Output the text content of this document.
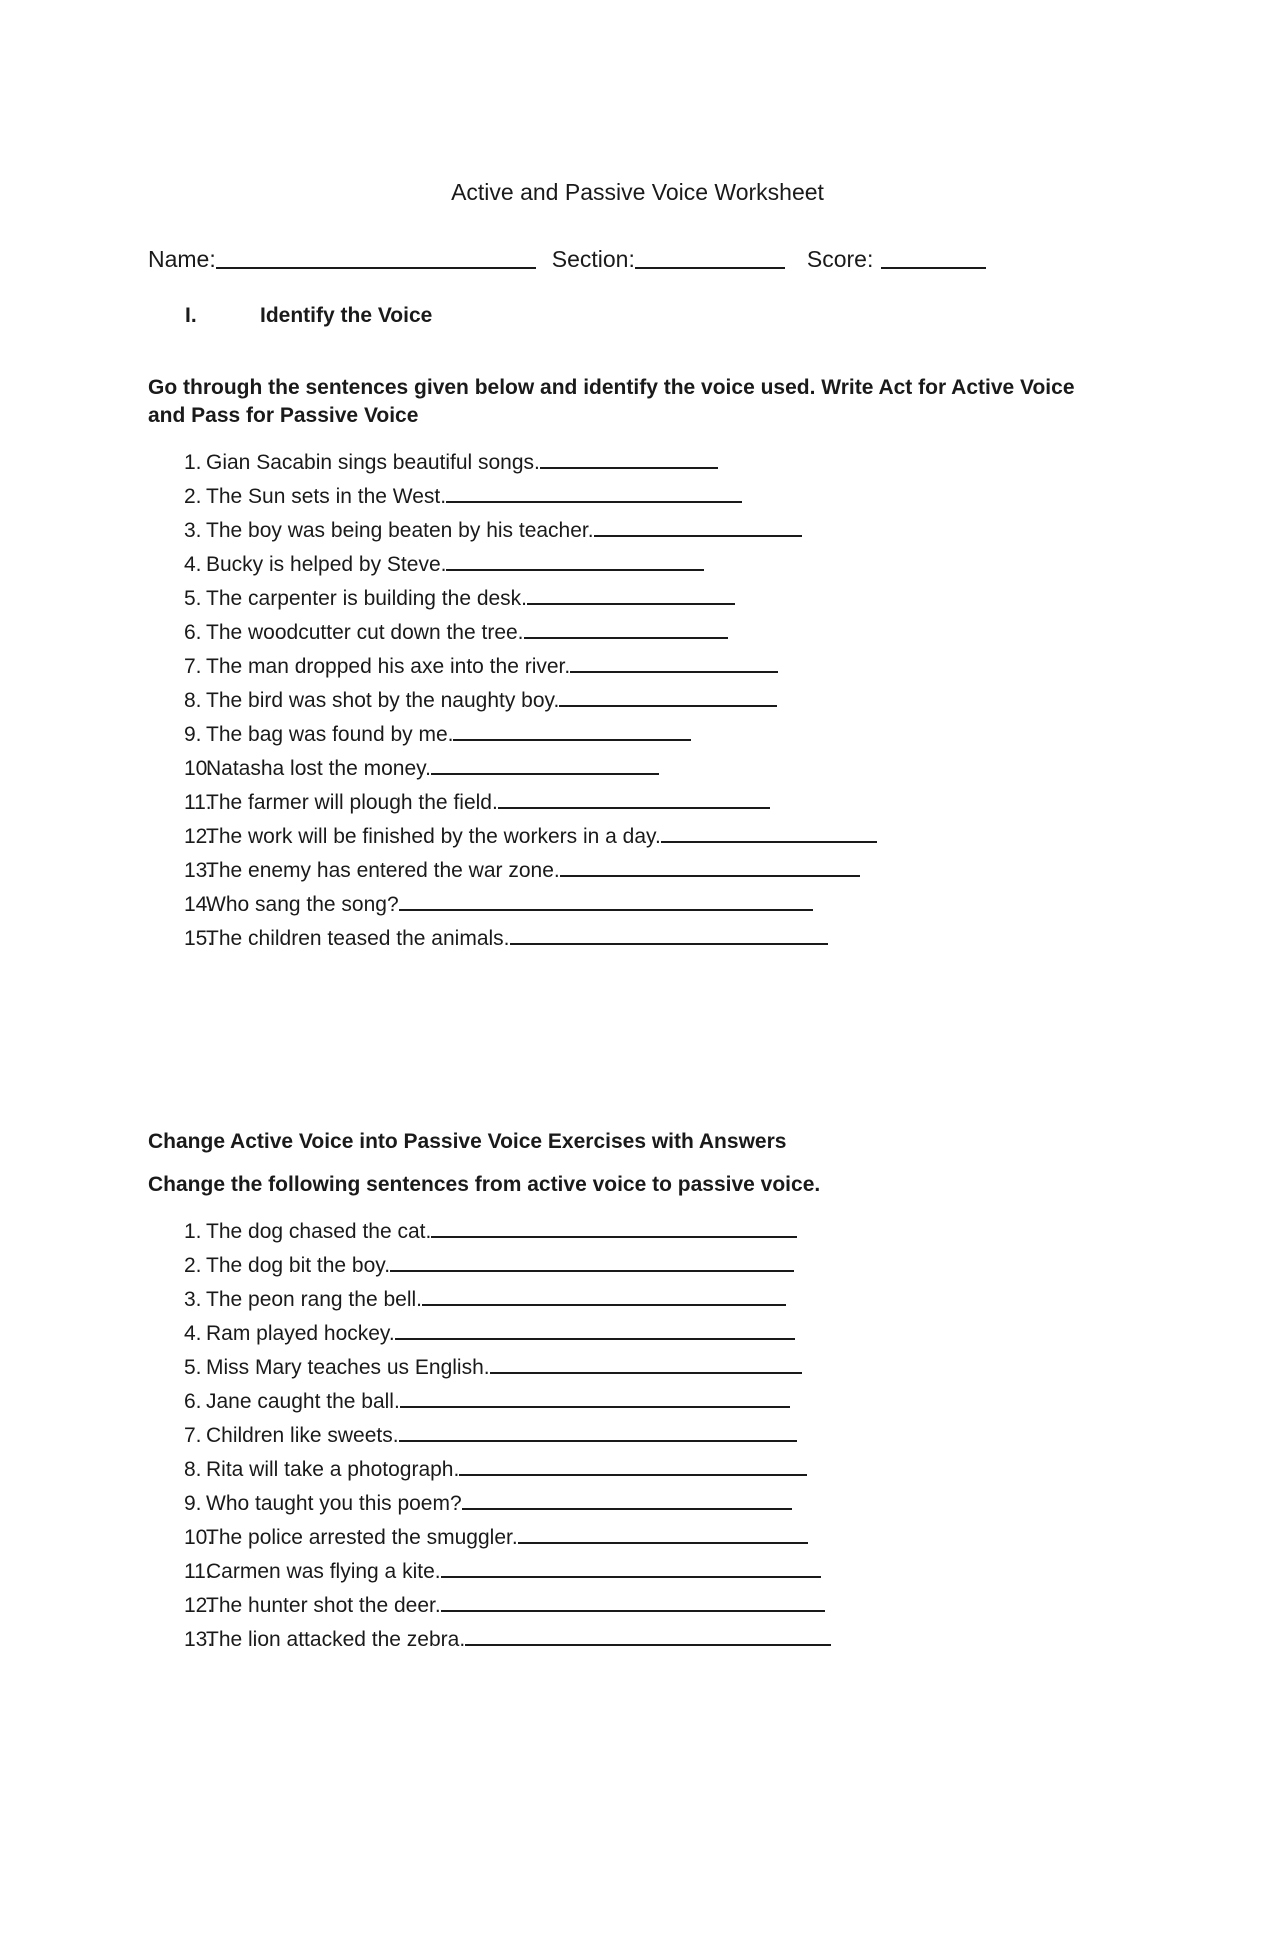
Active and Passive Voice Worksheet
Name:	Section:	Score:
I.	Identify the Voice
Go through the sentences given below and identify the voice used. Write Act for Active Voice and Pass for Passive Voice
1. Gian Sacabin sings beautiful songs.
2. The Sun sets in the West.
3. The boy was being beaten by his teacher.
4. Bucky is helped by Steve.
5. The carpenter is building the desk.
6. The woodcutter cut down the tree.
7. The man dropped his axe into the river.
8. The bird was shot by the naughty boy.
9. The bag was found by me.
10.
Natasha lost the money.
11.
The farmer will plough the field.
12.
The work will be finished by the workers in a day.
13.
The enemy has entered the war zone.
14.
Who sang the song?
15.
The children teased the animals.
Change Active Voice into Passive Voice Exercises with Answers
Change the following sentences from active voice to passive voice.
1. The dog chased the cat.
2. The dog bit the boy.
3. The peon rang the bell.
4. Ram played hockey.
5. Miss Mary teaches us English.
6. Jane caught the ball.
7. Children like sweets.
8. Rita will take a photograph.
9. Who taught you this poem?
10.
The police arrested the smuggler.
11.
Carmen was flying a kite.
12.
The hunter shot the deer.
13.
The lion attacked the zebra.
